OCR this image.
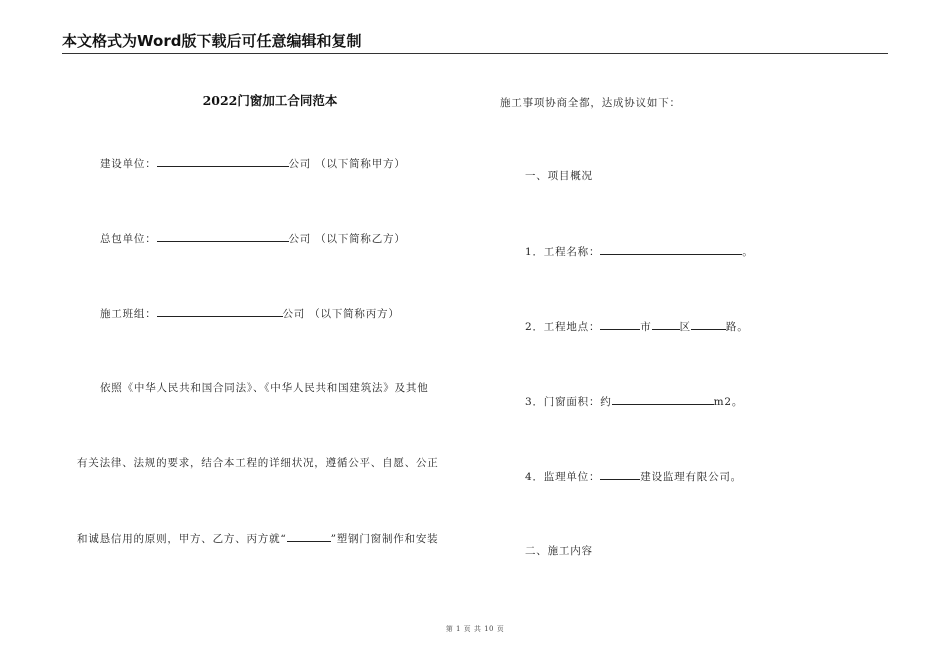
本文格式为Word版下载后可任意编辑和复制
2022门窗加工合同范本
建设单位：	公司 （以下简称甲方）
总包单位：	公司 （以下简称乙方）
施工班组：	公司 （以下简称丙方）
依照《中华人民共和国合同法》、《中华人民共和国建筑法》及其他
有关法律、法规的要求，结合本工程的详细状况，遵循公平、自愿、公正
和诚恳信用的原则，甲方、乙方、丙方就“	”塑钢门窗制作和安装
施工事项协商全都，达成协议如下：
一、项目概况
1．工程名称：	。
2．工程地点：	市	区	路。
3．门窗面积：约	m2。
4．监理单位：	建设监理有限公司。
二、施工内容
第 1 页 共 10 页
